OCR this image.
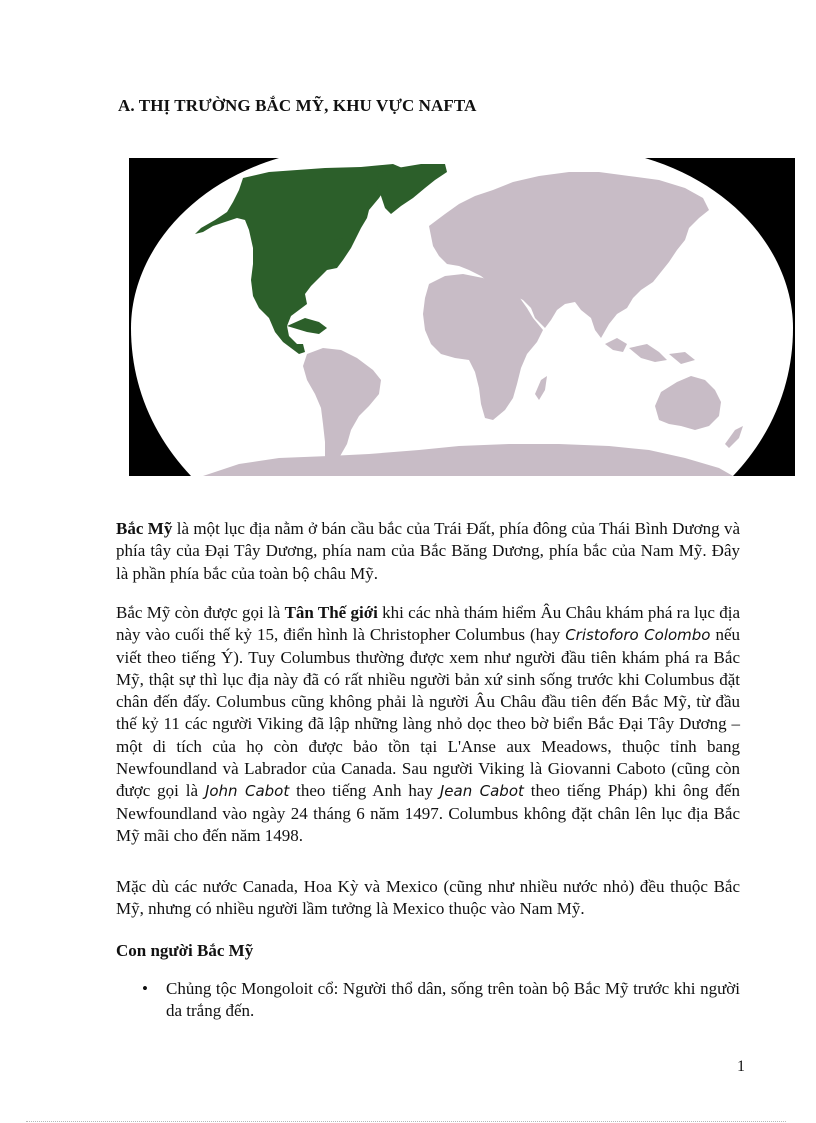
A. THỊ TRƯỜNG BẮC MỸ, KHU VỰC NAFTA

Bắc Mỹ là một lục địa nằm ở bán cầu bắc của Trái Đất, phía đông của Thái Bình Dương và phía tây của Đại Tây Dương, phía nam của Bắc Băng Dương, phía bắc của Nam Mỹ. Đây là phần phía bắc của toàn bộ châu Mỹ.

Bắc Mỹ còn được gọi là Tân Thế giới khi các nhà thám hiểm Âu Châu khám phá ra lục địa này vào cuối thế kỷ 15, điển hình là Christopher Columbus (hay Cristoforo Colombo nếu viết theo tiếng Ý). Tuy Columbus thường được xem như người đầu tiên khám phá ra Bắc Mỹ, thật sự thì lục địa này đã có rất nhiều người bản xứ sinh sống trước khi Columbus đặt chân đến đấy. Columbus cũng không phải là người Âu Châu đầu tiên đến Bắc Mỹ, từ đầu thế kỷ 11 các người Viking đã lập những làng nhỏ dọc theo bờ biển Bắc Đại Tây Dương – một di tích của họ còn được bảo tồn tại L'Anse aux Meadows, thuộc tỉnh bang Newfoundland và Labrador của Canada. Sau người Viking là Giovanni Caboto (cũng còn được gọi là John Cabot theo tiếng Anh hay Jean Cabot theo tiếng Pháp) khi ông đến Newfoundland vào ngày 24 tháng 6 năm 1497. Columbus không đặt chân lên lục địa Bắc Mỹ mãi cho đến năm 1498.

Mặc dù các nước Canada, Hoa Kỳ và Mexico (cũng như nhiều nước nhỏ) đều thuộc Bắc Mỹ, nhưng có nhiều người lầm tưởng là Mexico thuộc vào Nam Mỹ.

Con người Bắc Mỹ
• Chủng tộc Mongoloit cổ: Người thổ dân, sống trên toàn bộ Bắc Mỹ trước khi người da trắng đến.
1
